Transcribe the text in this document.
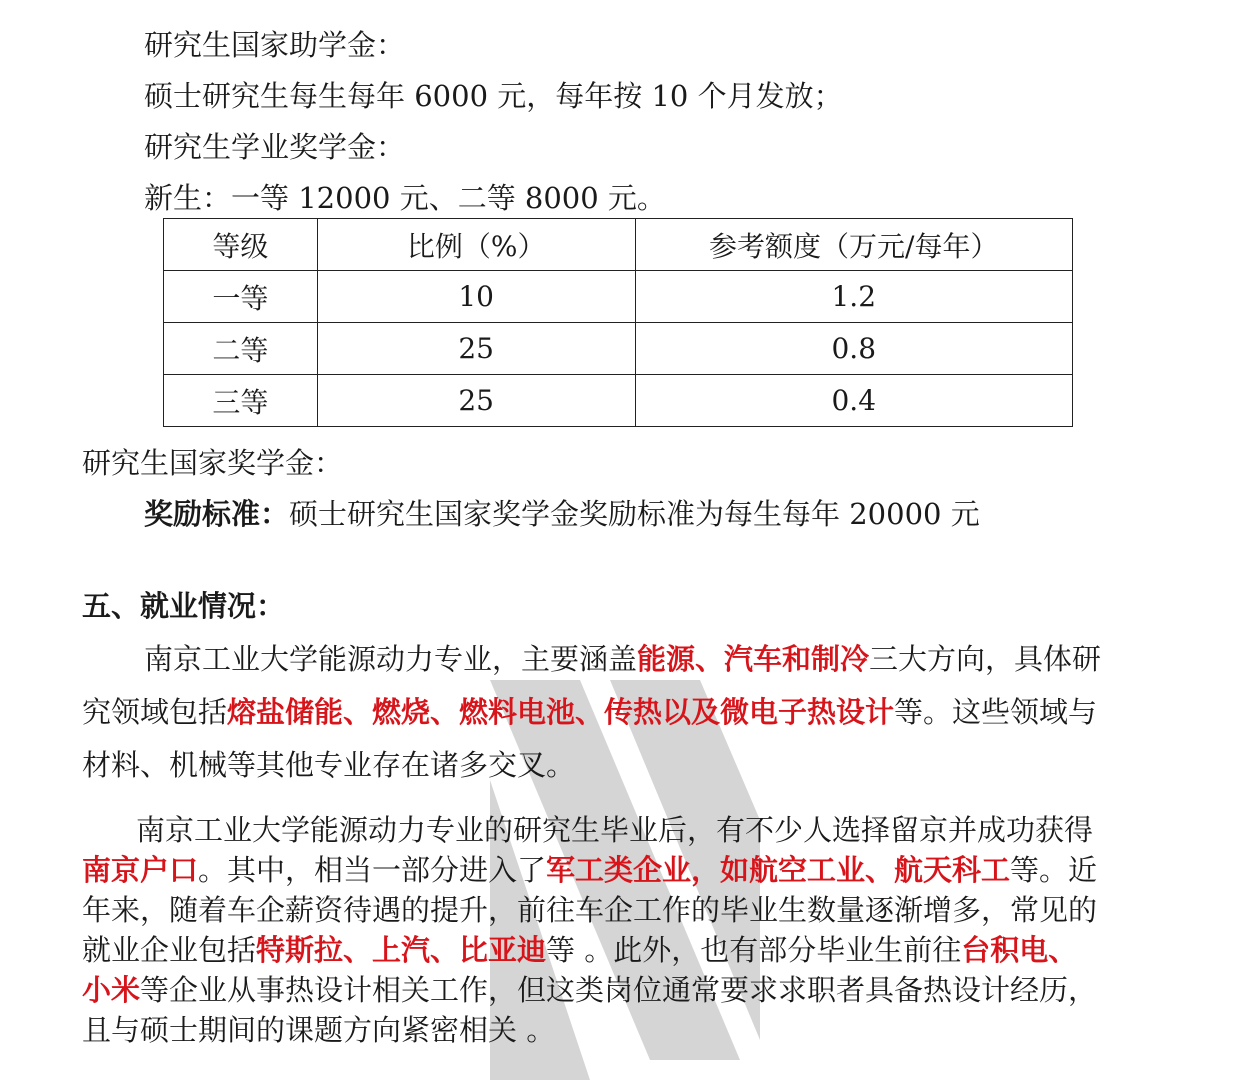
研究生国家助学金：
硕士研究生每生每年 6000 元，每年按 10 个月发放；
研究生学业奖学金：
新生：一等 12000 元、二等 8000 元。
等级	比例（%）	参考额度（万元/每年）
一等	10	1.2
二等	25	0.8
三等	25	0.4
研究生国家奖学金：
奖励标准：硕士研究生国家奖学金奖励标准为每生每年 20000 元
五、就业情况：
南京工业大学能源动力专业，主要涵盖能源、汽车和制冷三大方向，具体研
究领域包括熔盐储能、燃烧、燃料电池、传热以及微电子热设计等。这些领域与
材料、机械等其他专业存在诸多交叉。
南京工业大学能源动力专业的研究生毕业后，有不少人选择留京并成功获得
南京户口。其中，相当一部分进入了军工类企业，如航空工业、航天科工等。近
年来，随着车企薪资待遇的提升，前往车企工作的毕业生数量逐渐增多，常见的
就业企业包括特斯拉、上汽、比亚迪等 。此外，也有部分毕业生前往台积电、
小米等企业从事热设计相关工作，但这类岗位通常要求求职者具备热设计经历，
且与硕士期间的课题方向紧密相关 。
